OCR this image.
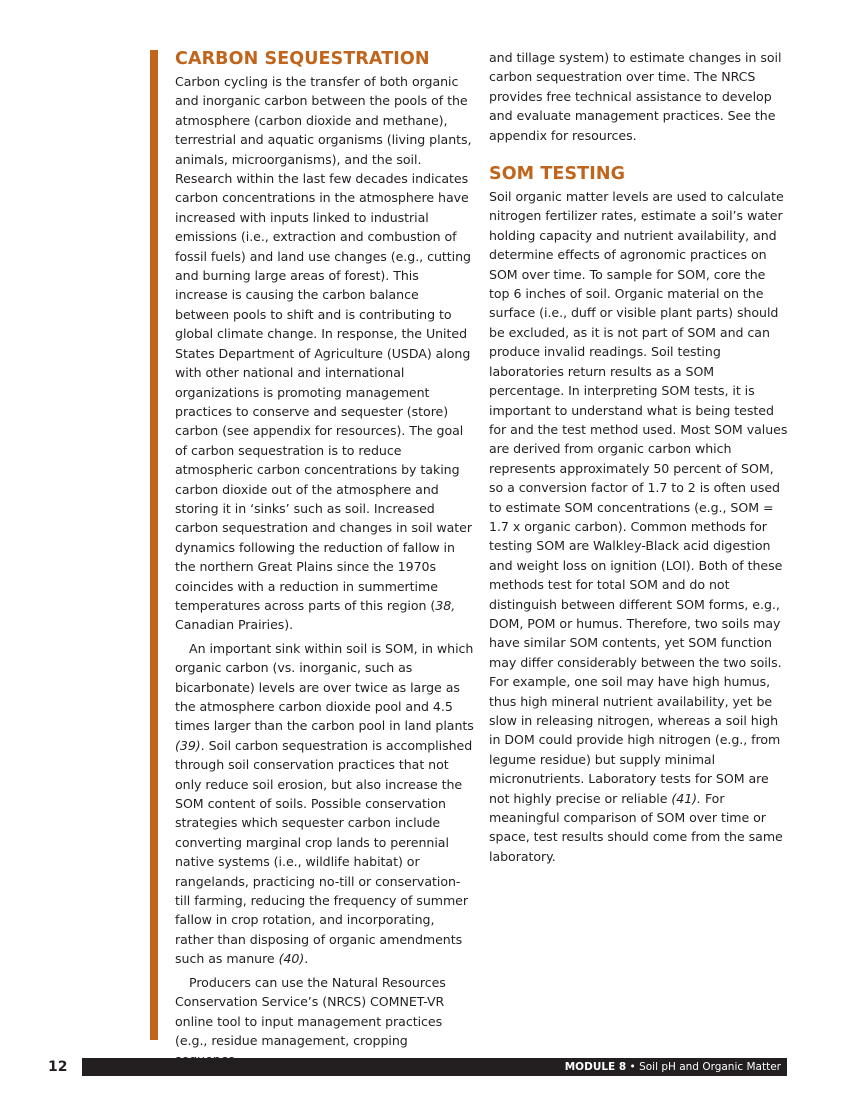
CARBON SEQUESTRATION

Carbon cycling is the transfer of both organic and inorganic carbon between the pools of the atmosphere (carbon dioxide and methane), terrestrial and aquatic organisms (living plants, animals, microorganisms), and the soil. Research within the last few decades indicates carbon concentrations in the atmosphere have increased with inputs linked to industrial emissions (i.e., extraction and combustion of fossil fuels) and land use changes (e.g., cutting and burning large areas of forest). This increase is causing the carbon balance between pools to shift and is contributing to global climate change. In response, the United States Department of Agriculture (USDA) along with other national and international organizations is promoting management practices to conserve and sequester (store) carbon (see appendix for resources). The goal of carbon sequestration is to reduce atmospheric carbon concentrations by taking carbon dioxide out of the atmosphere and storing it in ‘sinks’ such as soil. Increased carbon sequestration and changes in soil water dynamics following the reduction of fallow in the northern Great Plains since the 1970s coincides with a reduction in summertime temperatures across parts of this region (38, Canadian Prairies).

An important sink within soil is SOM, in which organic carbon (vs. inorganic, such as bicarbonate) levels are over twice as large as the atmosphere carbon dioxide pool and 4.5 times larger than the carbon pool in land plants (39). Soil carbon sequestration is accomplished through soil conservation practices that not only reduce soil erosion, but also increase the SOM content of soils. Possible conservation strategies which sequester carbon include converting marginal crop lands to perennial native systems (i.e., wildlife habitat) or rangelands, practicing no-till or conservation-till farming, reducing the frequency of summer fallow in crop rotation, and incorporating, rather than disposing of organic amendments such as manure (40).

Producers can use the Natural Resources Conservation Service’s (NRCS) COMNET-VR online tool to input management practices (e.g., residue management, cropping

and tillage system) to estimate changes in soil carbon sequestration over time. The NRCS provides free technical assistance to develop and evaluate management practices. See the appendix for resources.

SOM TESTING

Soil organic matter levels are used to calculate nitrogen fertilizer rates, estimate a soil’s water holding capacity and nutrient availability, and determine effects of agronomic practices on SOM over time. To sample for SOM, core the top 6 inches of soil. Organic material on the surface (i.e., duff or visible plant parts) should be excluded, as it is not part of SOM and can produce invalid readings. Soil testing laboratories return results as a SOM percentage. In interpreting SOM tests, it is important to understand what is being tested for and the test method used. Most SOM values are derived from organic carbon which represents approximately 50 percent of SOM, so a conversion factor of 1.7 to 2 is often used to estimate SOM concentrations (e.g., SOM = 1.7 x organic carbon). Common methods for testing SOM are Walkley-Black acid digestion and weight loss on ignition (LOI). Both of these methods test for total SOM and do not distinguish between different SOM forms, e.g., DOM, POM or humus. Therefore, two soils may have similar SOM contents, yet SOM function may differ considerably between the two soils. For example, one soil may have high humus, thus high mineral nutrient availability, yet be slow in releasing nitrogen, whereas a soil high in DOM could provide high nitrogen (e.g., from legume residue) but supply minimal micronutrients. Laboratory tests for SOM are not highly precise or reliable (41). For meaningful comparison of SOM over time or space, test results should come from the same laboratory.

12	MODULE 8 • Soil pH and Organic Matter
